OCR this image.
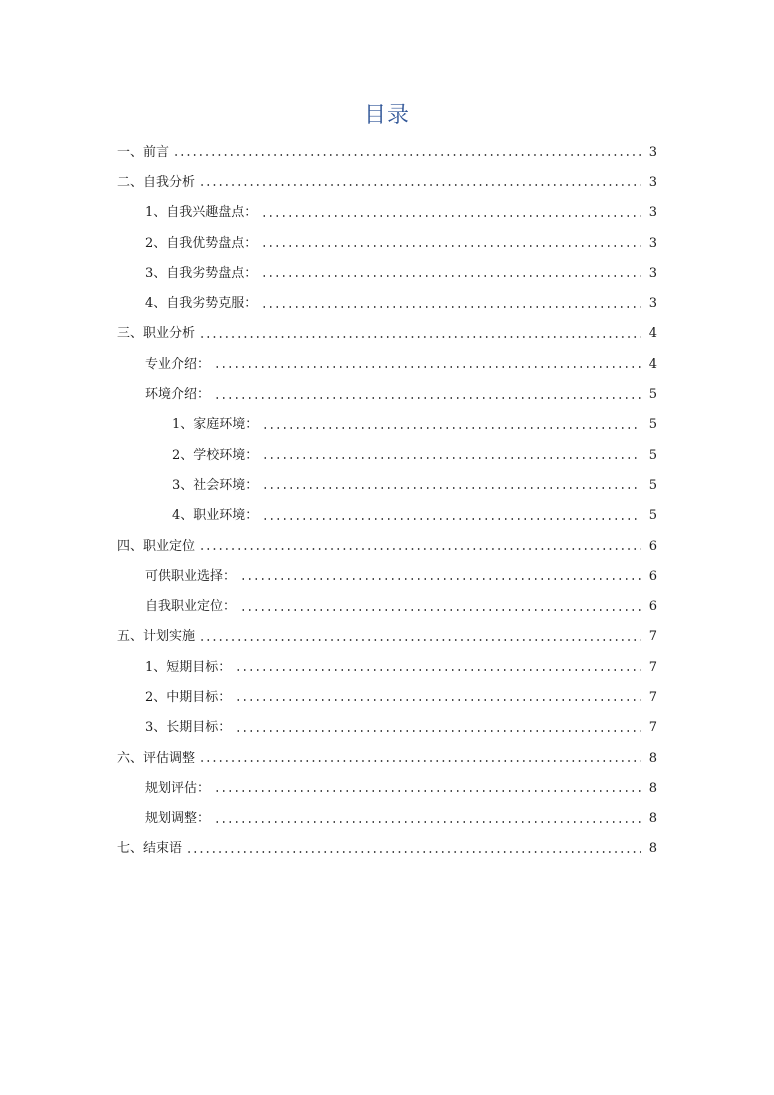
目录
一、前言	3
二、自我分析	3
1、自我兴趣盘点：	3
2、自我优势盘点：	3
3、自我劣势盘点：	3
4、自我劣势克服：	3
三、职业分析	4
专业介绍：	4
环境介绍：	5
1、家庭环境：	5
2、学校环境：	5
3、社会环境：	5
4、职业环境：	5
四、职业定位	6
可供职业选择：	6
自我职业定位：	6
五、计划实施	7
1、短期目标：	7
2、中期目标：	7
3、长期目标：	7
六、评估调整	8
规划评估：	8
规划调整：	8
七、结束语	8
